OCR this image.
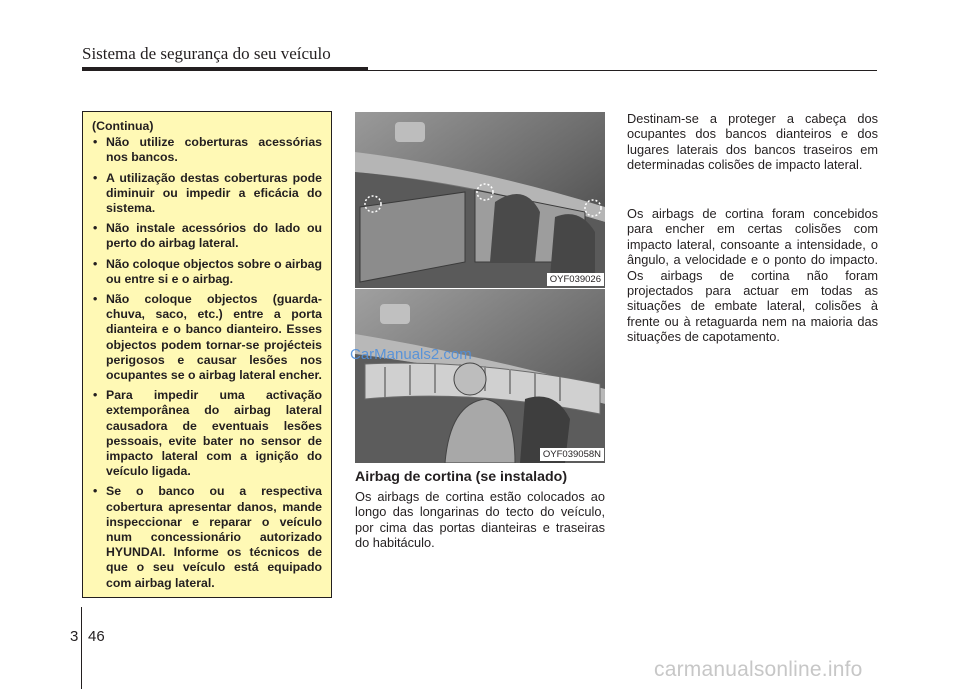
Sistema de segurança do seu veículo
(Continua)
• Não utilize coberturas acessórias nos bancos.
• A utilização destas coberturas pode diminuir ou impedir a eficácia do sistema.
• Não instale acessórios do lado ou perto do airbag lateral.
• Não coloque objectos sobre o airbag ou entre si e o airbag.
• Não coloque objectos (guarda-chuva, saco, etc.) entre a porta dianteira e o banco dianteiro. Esses objectos podem tornar-se projécteis perigosos e causar lesões nos ocupantes se o airbag lateral encher.
• Para impedir uma activação extemporânea do airbag lateral causadora de eventuais lesões pessoais, evite bater no sensor de impacto lateral com a ignição do veículo ligada.
• Se o banco ou a respectiva cobertura apresentar danos, mande inspeccionar e reparar o veículo num concessionário autorizado HYUNDAI. Informe os técnicos de que o seu veículo está equipado com airbag lateral.
OYF039026
OYF039058N
CarManuals2.com
Airbag de cortina (se instalado)
Os airbags de cortina estão colocados ao longo das longarinas do tecto do veículo, por cima das portas dianteiras e traseiras do habitáculo.
Destinam-se a proteger a cabeça dos ocupantes dos bancos dianteiros e dos lugares laterais dos bancos traseiros em determinadas colisões de impacto lateral.
Os airbags de cortina foram concebidos para encher em certas colisões com impacto lateral, consoante a intensidade, o ângulo, a velocidade e o ponto do impacto. Os airbags de cortina não foram projectados para actuar em todas as situações de embate lateral, colisões à frente ou à retaguarda nem na maioria das situações de capotamento.
3 46
carmanualsonline.info
